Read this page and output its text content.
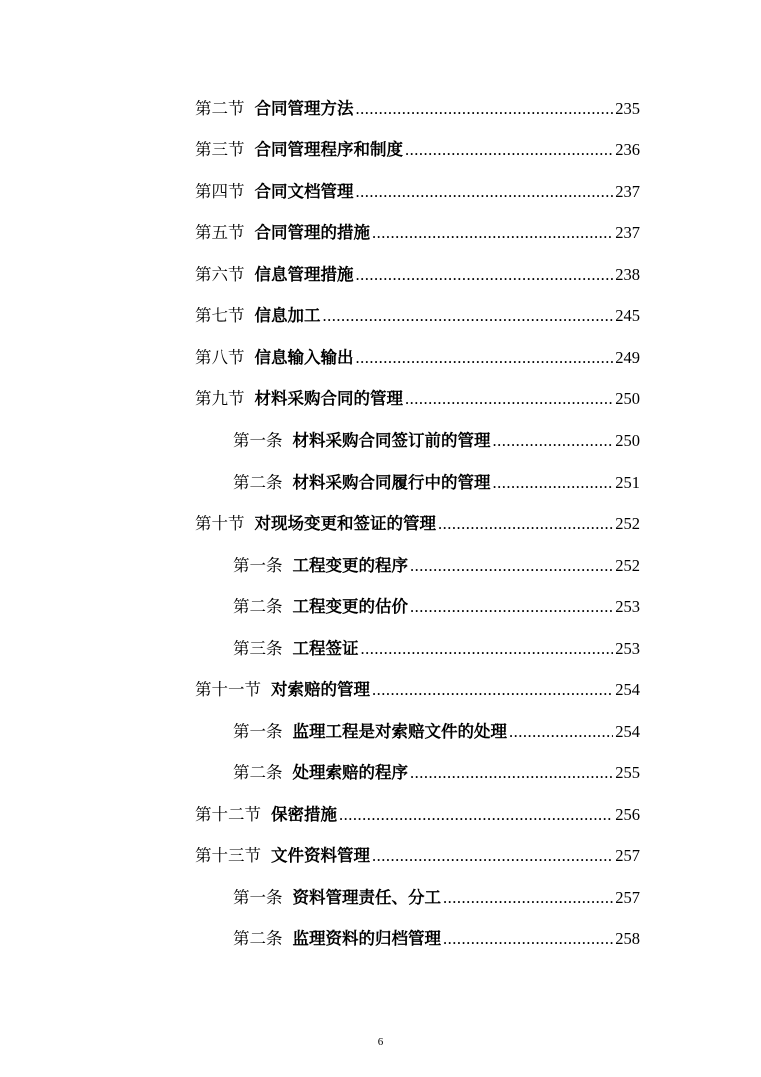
第二节 合同管理方法 .....	235
第三节 合同管理程序和制度 .....	236
第四节 合同文档管理 .....	237
第五节 合同管理的措施 .....	237
第六节 信息管理措施 .....	238
第七节 信息加工 .....	245
第八节 信息输入输出 .....	249
第九节 材料采购合同的管理 .....	250
第一条 材料采购合同签订前的管理 .....	250
第二条 材料采购合同履行中的管理 .....	251
第十节 对现场变更和签证的管理 .....	252
第一条 工程变更的程序 .....	252
第二条 工程变更的估价 .....	253
第三条 工程签证 .....	253
第十一节 对索赔的管理 .....	254
第一条 监理工程是对索赔文件的处理 .....	254
第二条 处理索赔的程序 .....	255
第十二节 保密措施 .....	256
第十三节 文件资料管理 .....	257
第一条 资料管理责任、分工 .....	257
第二条 监理资料的归档管理 .....	258
6
